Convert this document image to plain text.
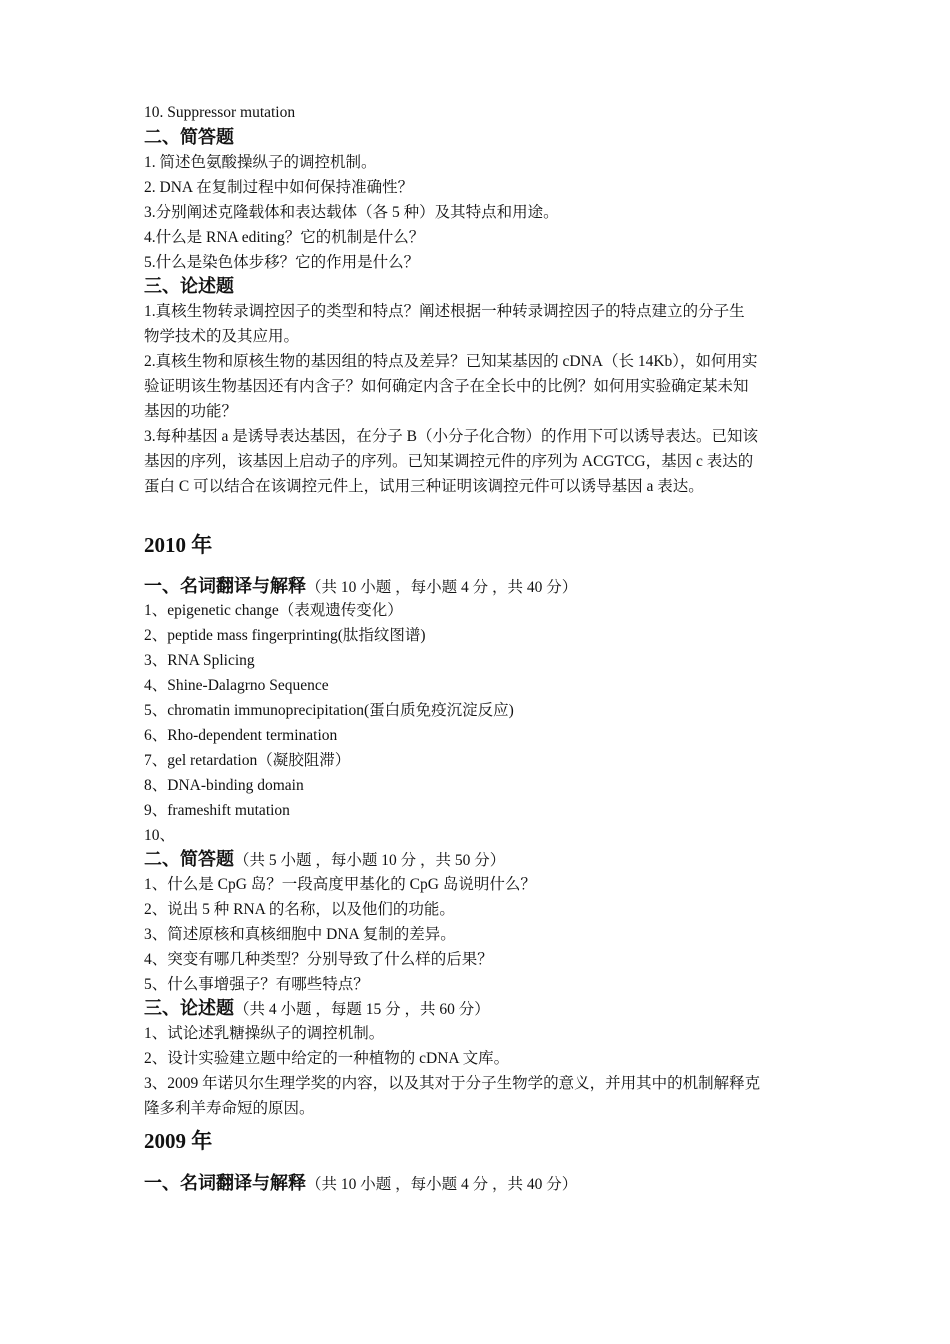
10. Suppressor mutation
二、简答题
1. 简述色氨酸操纵子的调控机制。
2. DNA 在复制过程中如何保持准确性？
3.分别阐述克隆载体和表达载体（各 5 种）及其特点和用途。
4.什么是 RNA editing？它的机制是什么？
5.什么是染色体步移？它的作用是什么？
三、论述题
1.真核生物转录调控因子的类型和特点？阐述根据一种转录调控因子的特点建立的分子生
物学技术的及其应用。
2.真核生物和原核生物的基因组的特点及差异？已知某基因的 cDNA（长 14Kb），如何用实
验证明该生物基因还有内含子？如何确定内含子在全长中的比例？如何用实验确定某未知
基因的功能？
3.每种基因 a 是诱导表达基因，在分子 B（小分子化合物）的作用下可以诱导表达。已知该
基因的序列，该基因上启动子的序列。已知某调控元件的序列为 ACGTCG，基因 c 表达的
蛋白 C 可以结合在该调控元件上，试用三种证明该调控元件可以诱导基因 a 表达。
2010 年
一、名词翻译与解释（共 10 小题 ，每小题 4 分 ，共 40 分）
1、epigenetic change（表观遗传变化）
2、peptide mass fingerprinting(肽指纹图谱)
3、RNA Splicing
4、Shine-Dalagrno Sequence
5、chromatin immunoprecipitation(蛋白质免疫沉淀反应)
6、Rho-dependent termination
7、gel retardation（凝胶阻滞）
8、DNA-binding domain
9、frameshift mutation
10、
二、简答题（共 5 小题 ，每小题 10 分 ，共 50 分）
1、什么是 CpG 岛？一段高度甲基化的 CpG 岛说明什么？
2、说出 5 种 RNA 的名称，以及他们的功能。
3、简述原核和真核细胞中 DNA 复制的差异。
4、突变有哪几种类型？分别导致了什么样的后果？
5、什么事增强子？有哪些特点？
三、论述题（共 4 小题 ，每题 15 分 ，共 60 分）
1、试论述乳糖操纵子的调控机制。
2、设计实验建立题中给定的一种植物的 cDNA 文库。
3、2009 年诺贝尔生理学奖的内容，以及其对于分子生物学的意义，并用其中的机制解释克
隆多利羊寿命短的原因。
2009 年
一、名词翻译与解释（共 10 小题 ，每小题 4 分 ，共 40 分）
